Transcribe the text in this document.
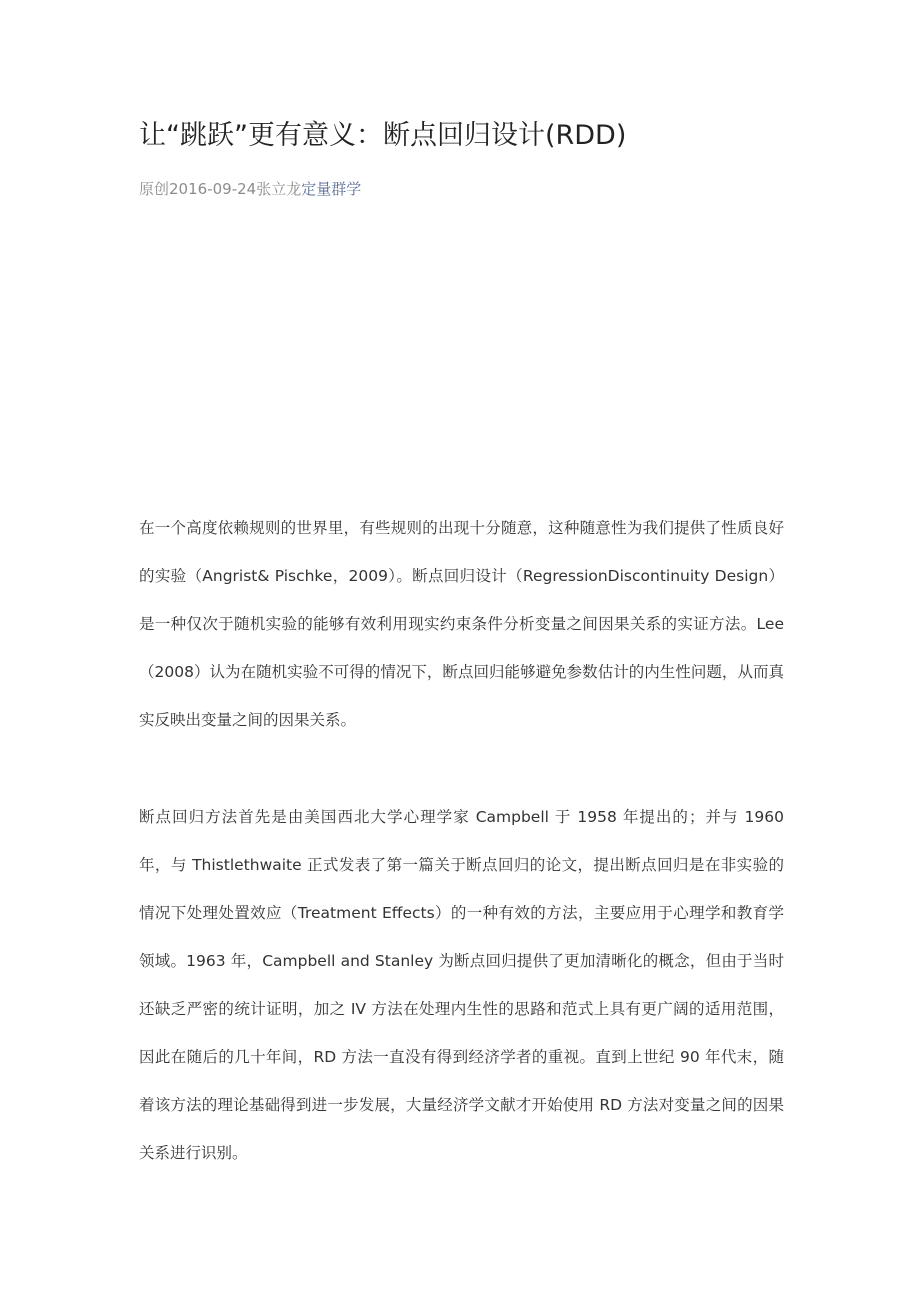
让“跳跃”更有意义：断点回归设计(RDD)
原创2016-09-24张立龙定量群学

在一个高度依赖规则的世界里，有些规则的出现十分随意，这种随意性为我们提供了性质良好的实验（Angrist& Pischke，2009）。断点回归设计（RegressionDiscontinuity Design）是一种仅次于随机实验的能够有效利用现实约束条件分析变量之间因果关系的实证方法。Lee（2008）认为在随机实验不可得的情况下，断点回归能够避免参数估计的内生性问题，从而真实反映出变量之间的因果关系。

断点回归方法首先是由美国西北大学心理学家 Campbell 于 1958 年提出的；并与 1960 年，与 Thistlethwaite 正式发表了第一篇关于断点回归的论文，提出断点回归是在非实验的情况下处理处置效应（Treatment Effects）的一种有效的方法，主要应用于心理学和教育学领域。1963 年，Campbell and Stanley 为断点回归提供了更加清晰化的概念，但由于当时还缺乏严密的统计证明，加之 IV 方法在处理内生性的思路和范式上具有更广阔的适用范围，因此在随后的几十年间，RD 方法一直没有得到经济学者的重视。直到上世纪 90 年代末，随着该方法的理论基础得到进一步发展，大量经济学文献才开始使用 RD 方法对变量之间的因果关系进行识别。
